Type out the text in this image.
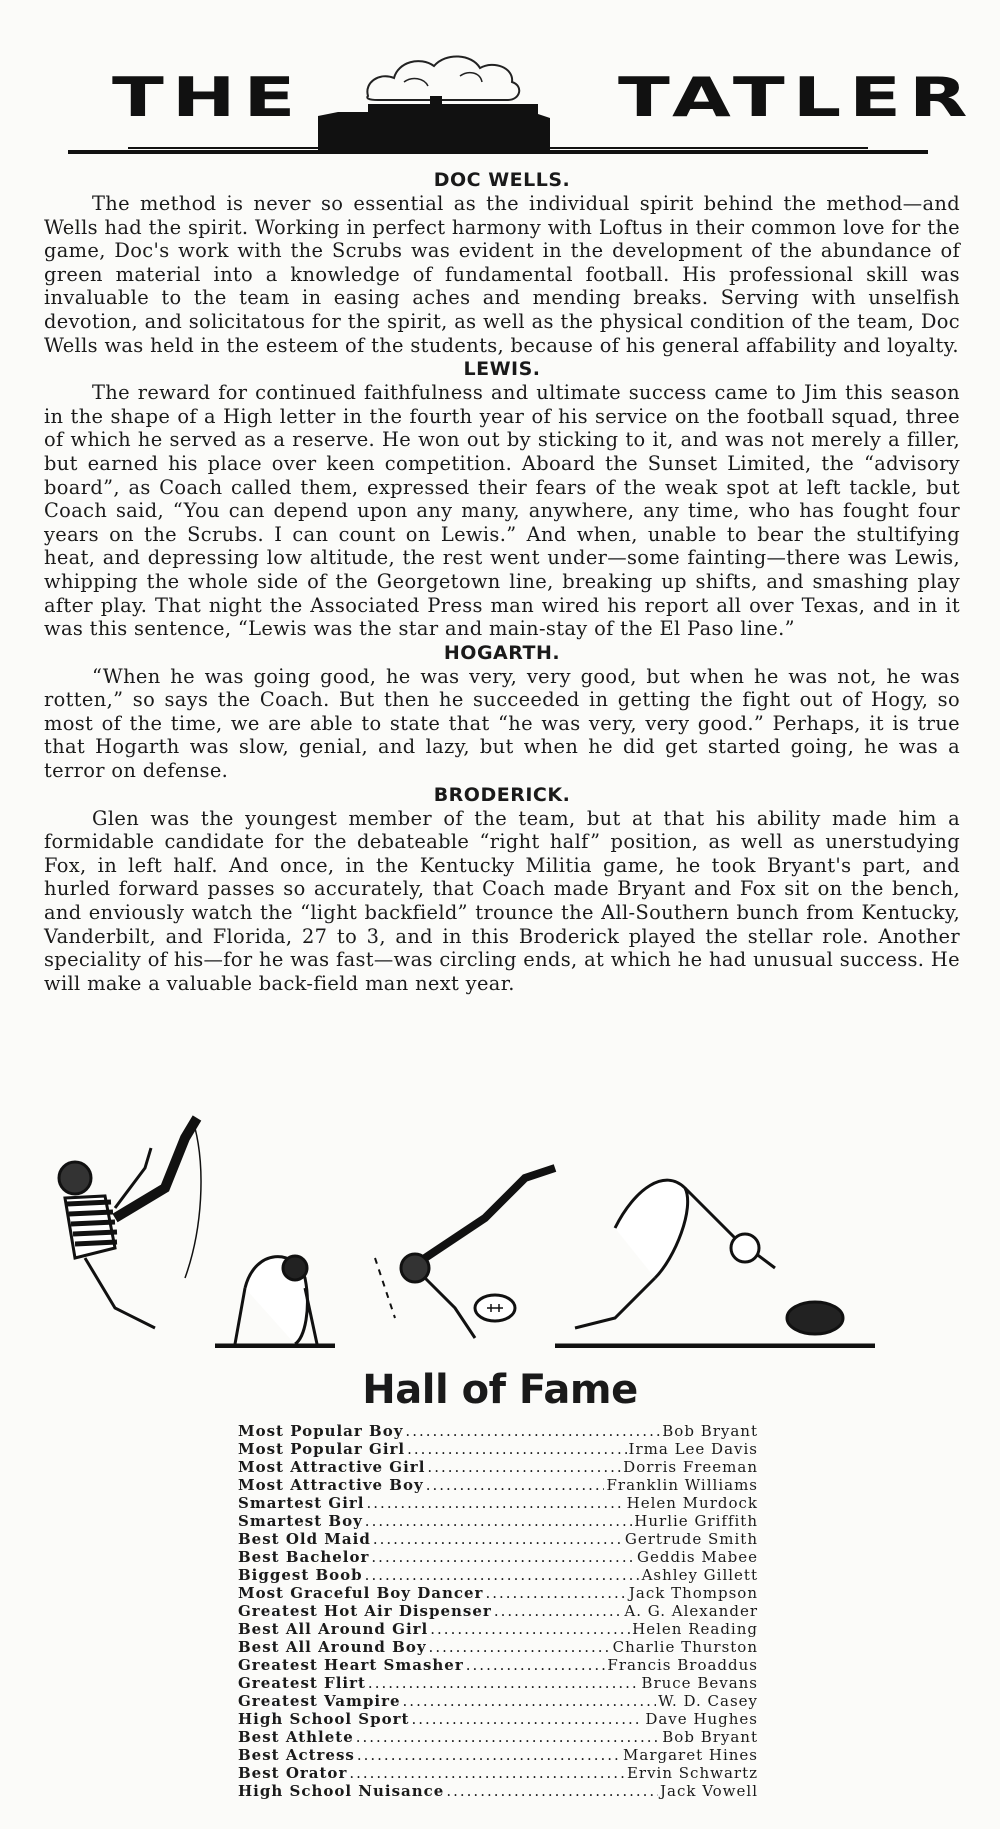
THE	TATLER
DOC WELLS.

The method is never so essential as the individual spirit behind the method—and Wells had the spirit. Working in perfect harmony with Loftus in their common love for the game, Doc's work with the Scrubs was evident in the development of the abundance of green material into a knowledge of fundamental football. His professional skill was invaluable to the team in easing aches and mending breaks. Serving with unselfish devotion, and solicitatous for the spirit, as well as the physical condition of the team, Doc Wells was held in the esteem of the students, because of his general affability and loyalty.

LEWIS.

The reward for continued faithfulness and ultimate success came to Jim this season in the shape of a High letter in the fourth year of his service on the football squad, three of which he served as a reserve. He won out by sticking to it, and was not merely a filler, but earned his place over keen competition. Aboard the Sunset Limited, the “advisory board”, as Coach called them, expressed their fears of the weak spot at left tackle, but Coach said, “You can depend upon any many, anywhere, any time, who has fought four years on the Scrubs. I can count on Lewis.” And when, unable to bear the stultifying heat, and depressing low altitude, the rest went under—some fainting—there was Lewis, whipping the whole side of the Georgetown line, breaking up shifts, and smashing play after play. That night the Associated Press man wired his report all over Texas, and in it was this sentence, “Lewis was the star and main-stay of the El Paso line.”

HOGARTH.

“When he was going good, he was very, very good, but when he was not, he was rotten,” so says the Coach. But then he succeeded in getting the fight out of Hogy, so most of the time, we are able to state that “he was very, very good.” Perhaps, it is true that Hogarth was slow, genial, and lazy, but when he did get started going, he was a terror on defense.

BRODERICK.

Glen was the youngest member of the team, but at that his ability made him a formidable candidate for the debateable “right half” position, as well as unerstudying Fox, in left half. And once, in the Kentucky Militia game, he took Bryant's part, and hurled forward passes so accurately, that Coach made Bryant and Fox sit on the bench, and enviously watch the “light backfield” trounce the All-Southern bunch from Kentucky, Vanderbilt, and Florida, 27 to 3, and in this Broderick played the stellar role. Another speciality of his—for he was fast—was circling ends, at which he had unusual success. He will make a valuable back-field man next year.

Hall of Fame
Most Popular Boy .....	Bob Bryant
Most Popular Girl .....	Irma Lee Davis
Most Attractive Girl .....	Dorris Freeman
Most Attractive Boy .....	Franklin Williams
Smartest Girl .....	Helen Murdock
Smartest Boy .....	Hurlie Griffith
Best Old Maid .....	Gertrude Smith
Best Bachelor .....	Geddis Mabee
Biggest Boob .....	Ashley Gillett
Most Graceful Boy Dancer .....	Jack Thompson
Greatest Hot Air Dispenser .....	A. G. Alexander
Best All Around Girl .....	Helen Reading
Best All Around Boy .....	Charlie Thurston
Greatest Heart Smasher .....	Francis Broaddus
Greatest Flirt .....	Bruce Bevans
Greatest Vampire .....	W. D. Casey
High School Sport .....	Dave Hughes
Best Athlete .....	Bob Bryant
Best Actress .....	Margaret Hines
Best Orator .....	Ervin Schwartz
High School Nuisance .....	Jack Vowell
